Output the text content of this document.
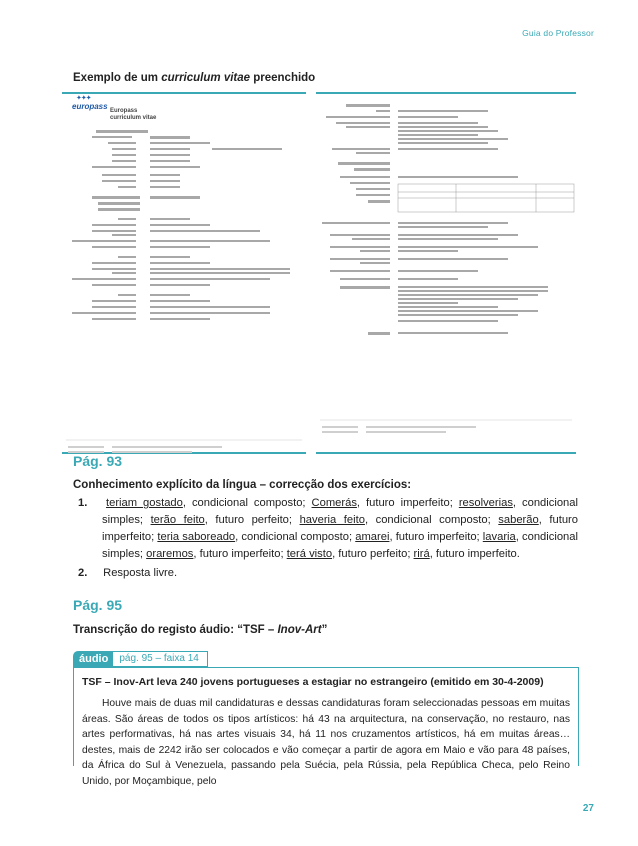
Guia do Professor
Exemplo de um curriculum vitae preenchido
✦✦✦
europass Europass curriculum vitae
Pág. 93
Conhecimento explícito da língua – correcção dos exercícios:
1. teriam gostado, condicional composto; Comerás, futuro imperfeito; resolverias, condicional simples; terão feito, futuro perfeito; haveria feito, condicional composto; saberão, futuro imperfeito; teria saboreado, condicional composto; amarei, futuro imperfeito; lavaria, condicional simples; oraremos, futuro imperfeito; terá visto, futuro perfeito; rirá, futuro imperfeito.
2. Resposta livre.
Pág. 95
Transcrição do registo áudio: “TSF – Inov-Art”
áudio	pág. 95 – faixa 14
TSF – Inov-Art leva 240 jovens portugueses a estagiar no estrangeiro (emitido em 30-4-2009)
Houve mais de duas mil candidaturas e dessas candidaturas foram seleccionadas pessoas em muitas áreas. São áreas de todos os tipos artísticos: há 43 na arquitectura, na conservação, no restauro, nas artes performativas, há nas artes visuais 34, há 11 nos cruzamentos artísticos, há em muitas áreas… destes, mais de 2242 irão ser colocados e vão começar a partir de agora em Maio e vão para 48 países, da África do Sul à Venezuela, passando pela Suécia, pela Rússia, pela República Checa, pelo Reino Unido, por Moçambique, pelo
27
